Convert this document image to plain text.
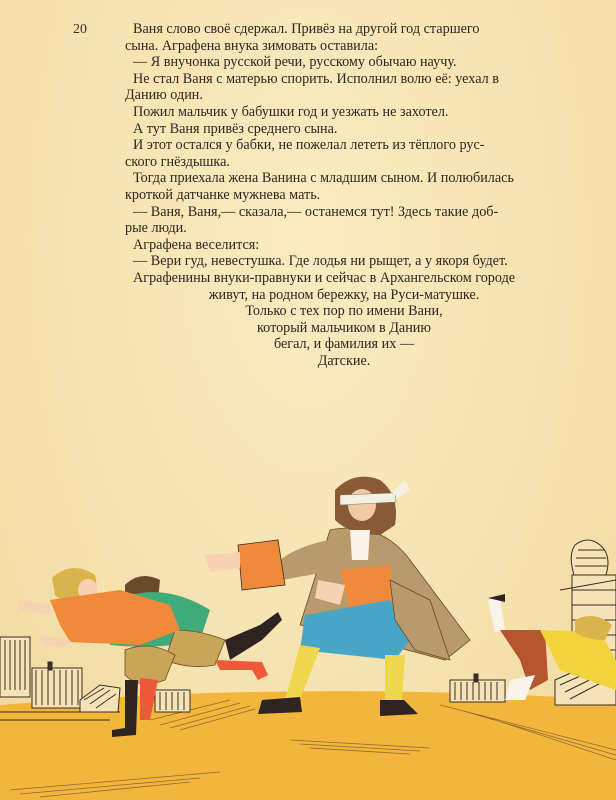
20	Ваня слово своё сдержал. Привёз на другой год старшего
сына. Аграфена внука зимовать оставила:
— Я внучонка русской речи, русскому обычаю научу.
Не стал Ваня с матерью спорить. Исполнил волю её: уехал в
Данию один.
Пожил мальчик у бабушки год и уезжать не захотел.
А тут Ваня привёз среднего сына.
И этот остался у бабки, не пожелал лететь из тёплого рус-
ского гнёздышка.
Тогда приехала жена Ванина с младшим сыном. И полюбилась
кроткой датчанке мужнева мать.
— Ваня, Ваня,— сказала,— останемся тут! Здесь такие доб-
рые люди.
Аграфена веселится:
— Вери гуд, невестушка. Где лодья ни рыщет, а у якоря будет.
Аграфенины внуки-правнуки и сейчас в Архангельском городе
живут, на родном бережку, на Руси-матушке.
Только с тех пор по имени Вани,
который мальчиком в Данию
бегал, и фамилия их —
Датские.
